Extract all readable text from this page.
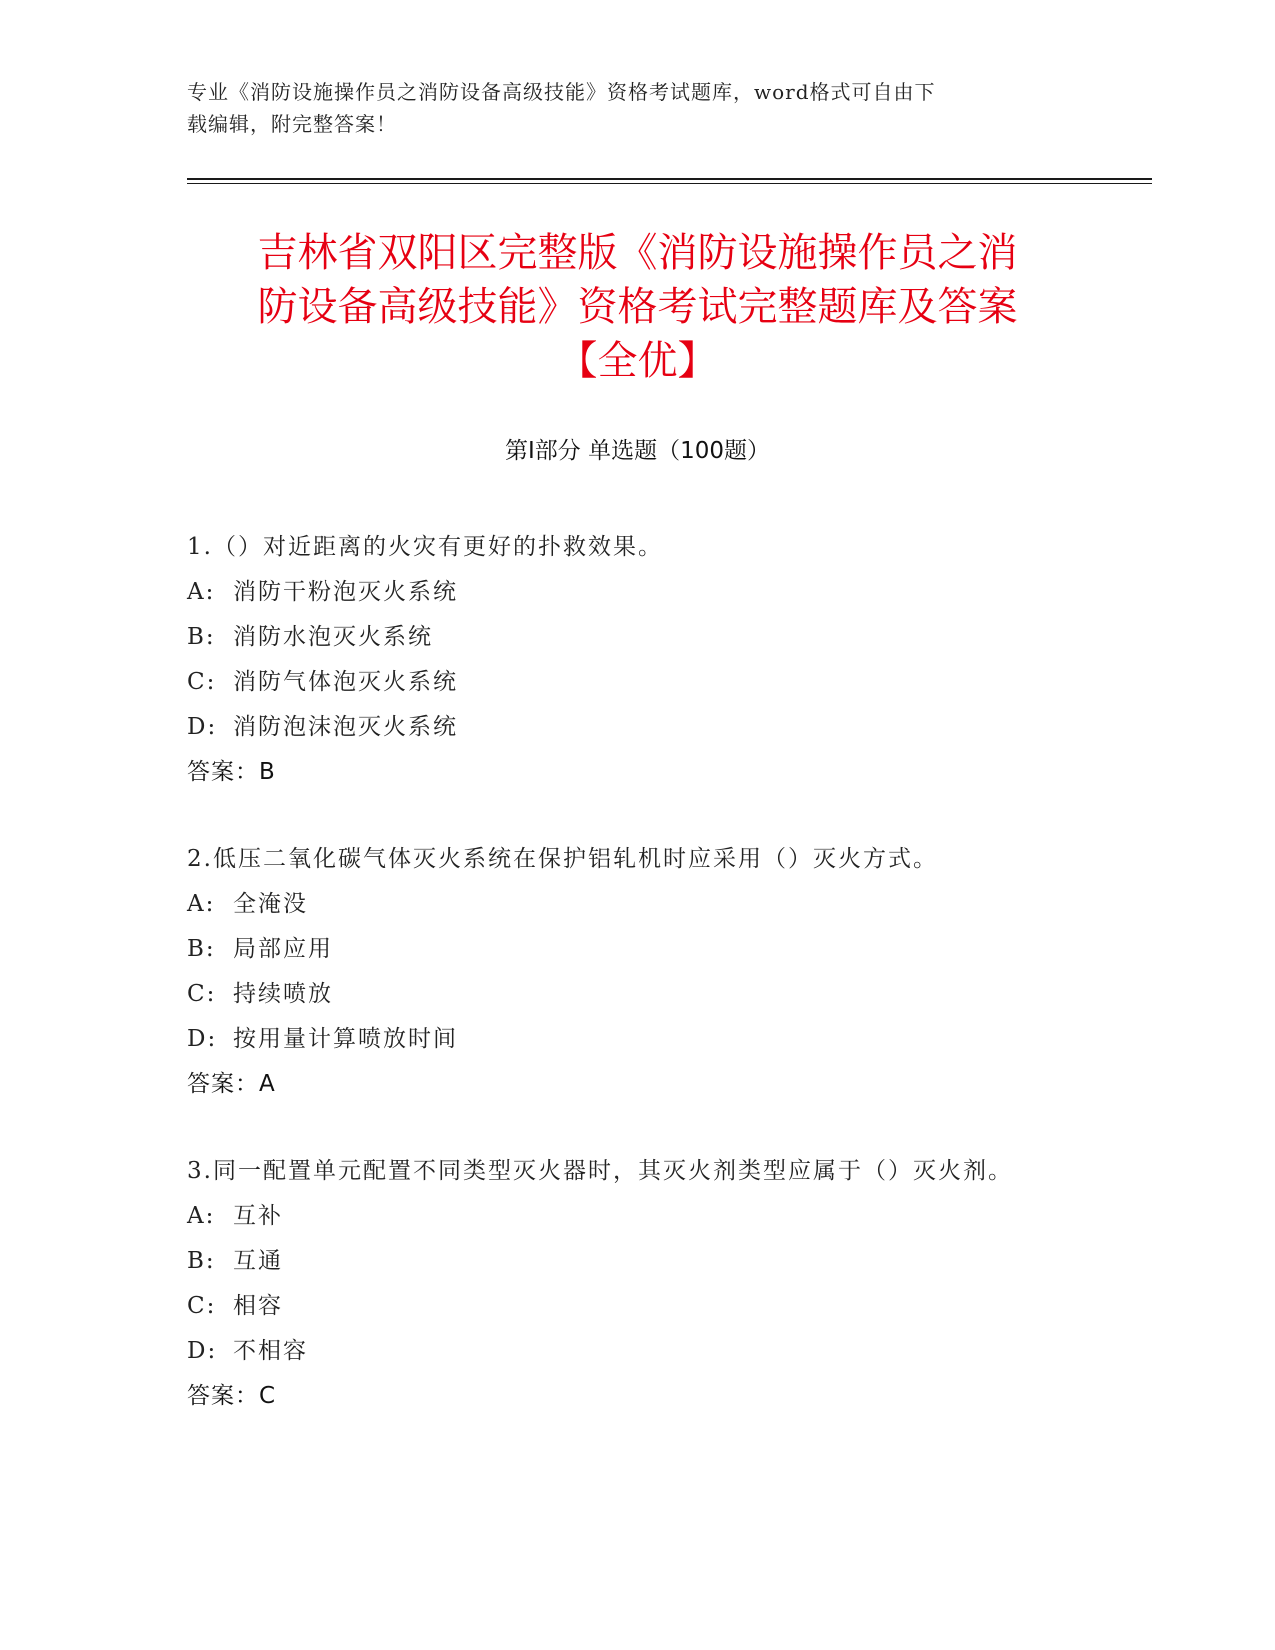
专业《消防设施操作员之消防设备高级技能》资格考试题库，word格式可自由下
载编辑，附完整答案！
吉林省双阳区完整版《消防设施操作员之消
防设备高级技能》资格考试完整题库及答案
【全优】
第Ⅰ部分 单选题（100题）
1.（）对近距离的火灾有更好的扑救效果。
A: 消防干粉泡灭火系统
B: 消防水泡灭火系统
C: 消防气体泡灭火系统
D: 消防泡沫泡灭火系统
答案：B
2.低压二氧化碳气体灭火系统在保护铝轧机时应采用（）灭火方式。
A: 全淹没
B: 局部应用
C: 持续喷放
D: 按用量计算喷放时间
答案：A
3.同一配置单元配置不同类型灭火器时，其灭火剂类型应属于（）灭火剂。
A: 互补
B: 互通
C: 相容
D: 不相容
答案：C
